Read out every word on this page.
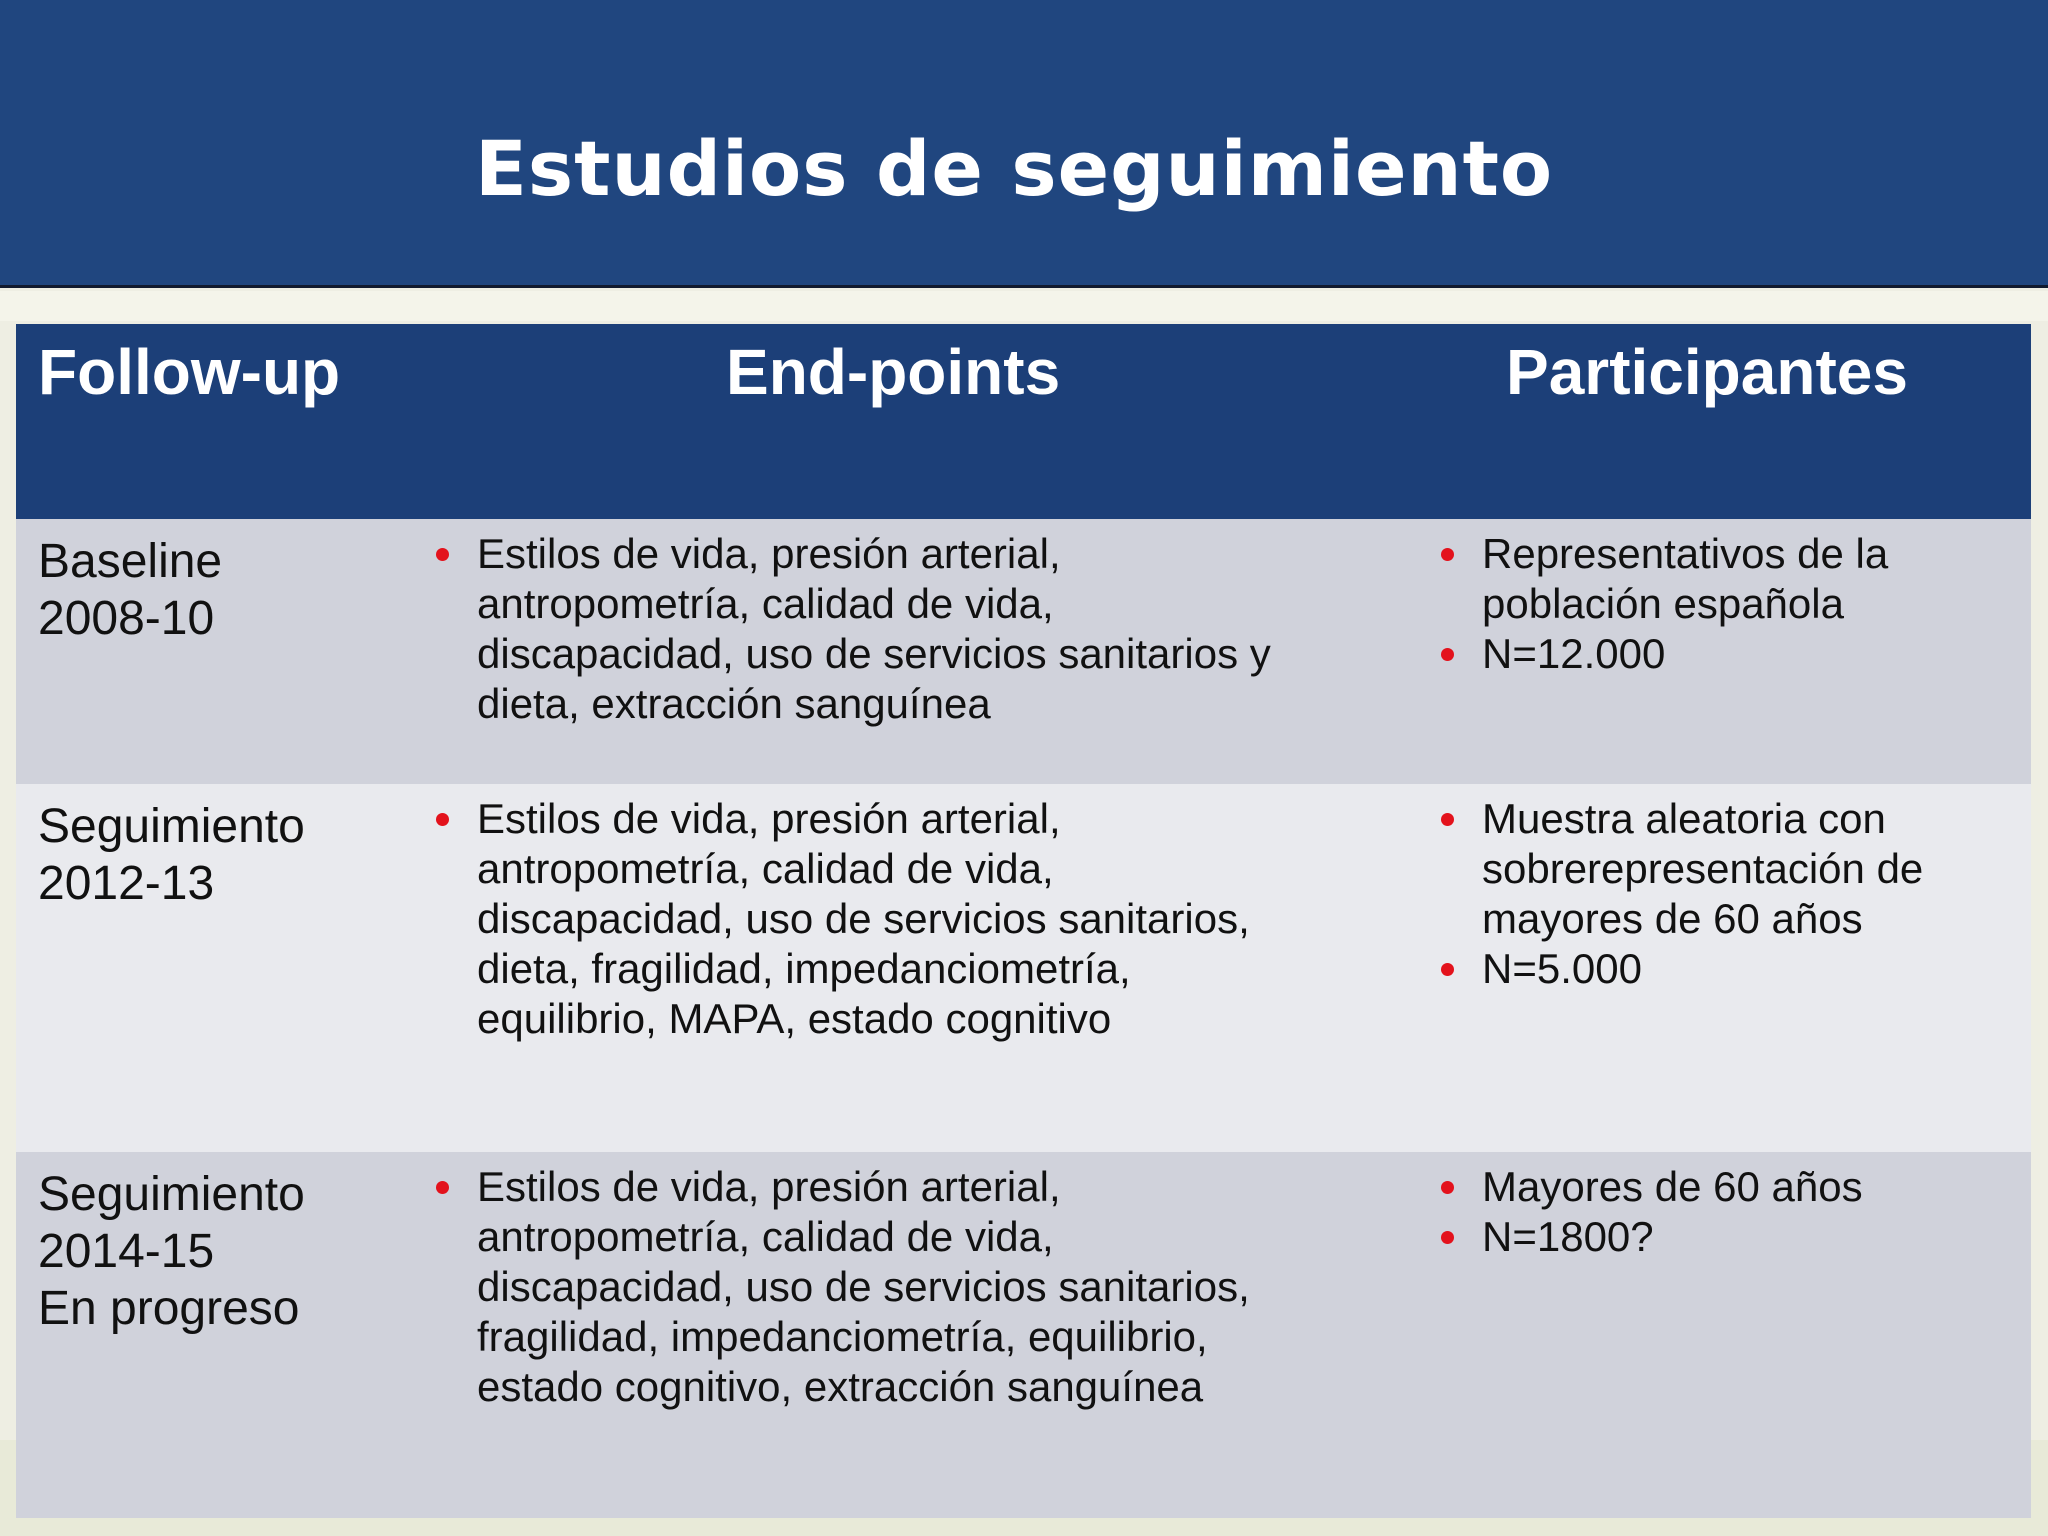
Estudios de seguimiento
Follow-up	End-points	Participantes
Baseline
2008-10
Estilos de vida, presión arterial,
antropometría, calidad de vida,
discapacidad, uso de servicios sanitarios y
dieta, extracción sanguínea
Representativos de la
población española
N=12.000
Seguimiento
2012-13
Estilos de vida, presión arterial,
antropometría, calidad de vida,
discapacidad, uso de servicios sanitarios,
dieta, fragilidad, impedanciometría,
equilibrio, MAPA, estado cognitivo
Muestra aleatoria con
sobrerepresentación de
mayores de 60 años
N=5.000
Seguimiento
2014-15
En progreso
Estilos de vida, presión arterial,
antropometría, calidad de vida,
discapacidad, uso de servicios sanitarios,
fragilidad, impedanciometría, equilibrio,
estado cognitivo, extracción sanguínea
Mayores de 60 años
N=1800?
